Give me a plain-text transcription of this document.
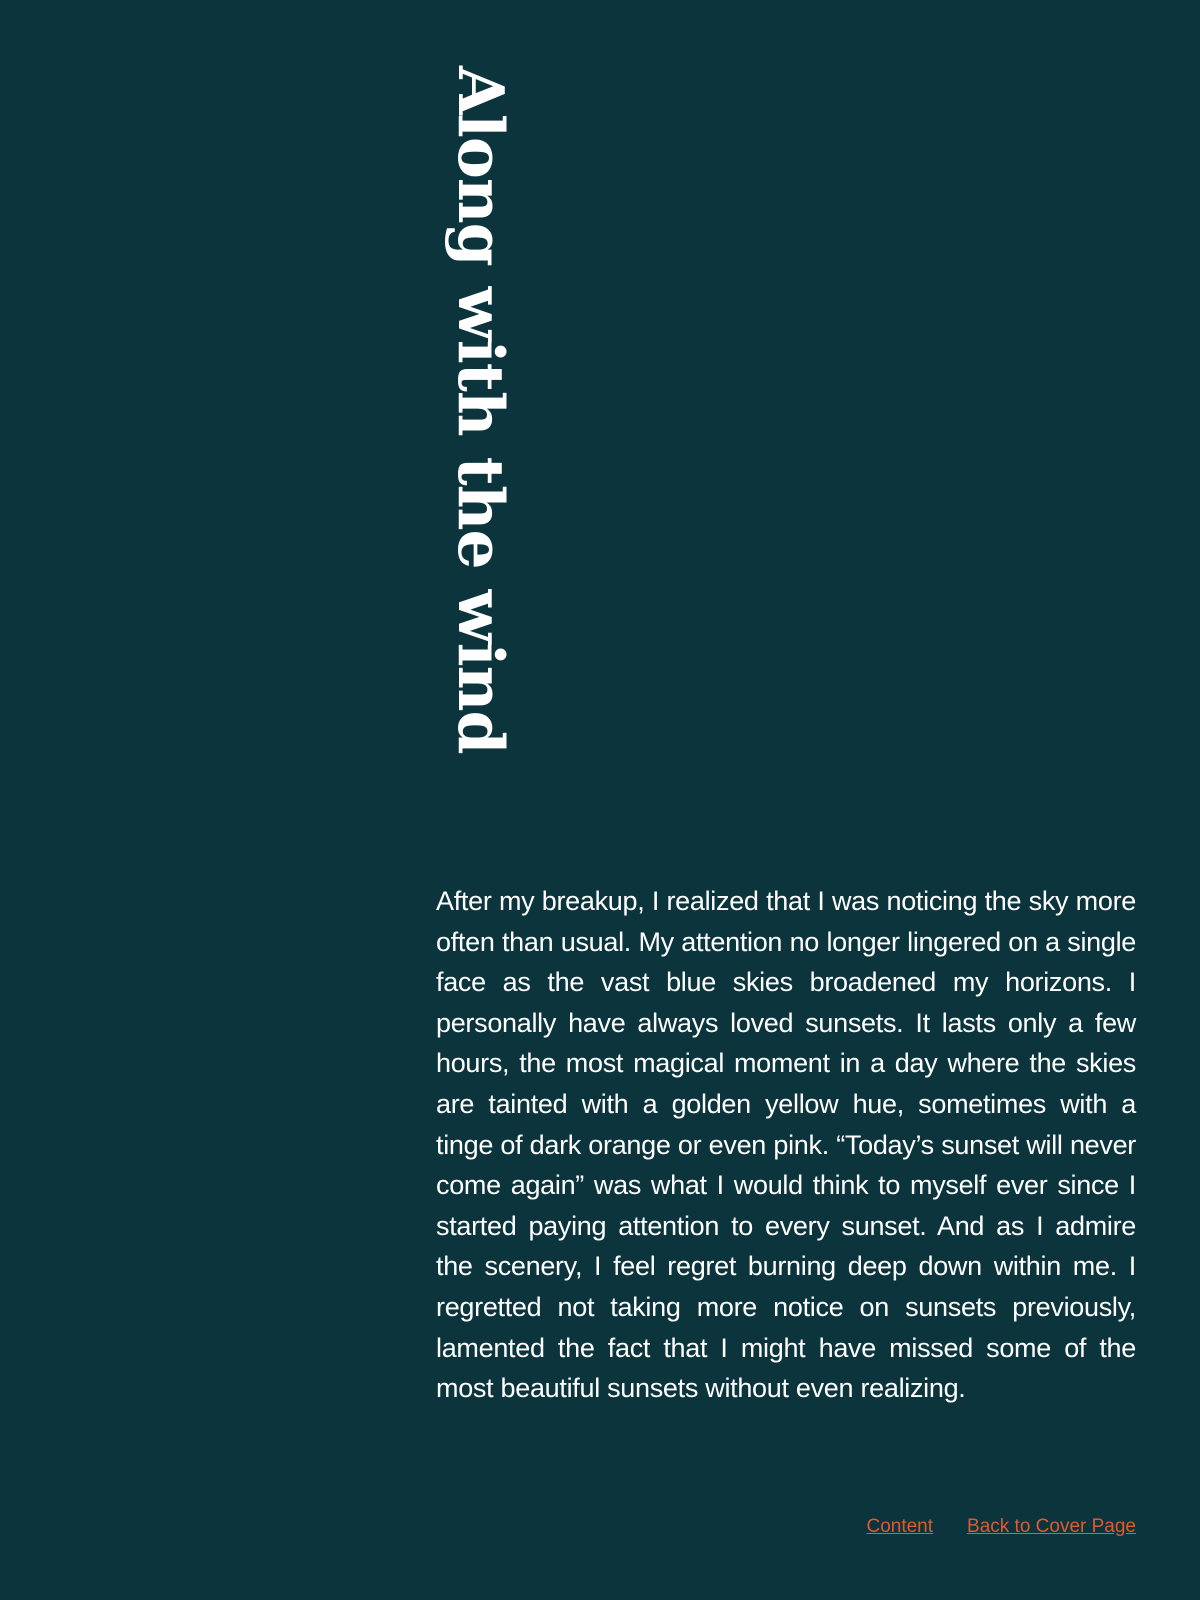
Along with the wind

After my breakup, I realized that I was noticing the sky more often than usual. My attention no longer lingered on a single face as the vast blue skies broadened my horizons. I personally have always loved sunsets. It lasts only a few hours, the most magical moment in a day where the skies are tainted with a golden yellow hue, sometimes with a tinge of dark orange or even pink. “Today’s sunset will never come again” was what I would think to myself ever since I started paying attention to every sunset. And as I admire the scenery, I feel regret burning deep down within me. I regretted not taking more notice on sunsets previously, lamented the fact that I might have missed some of the most beautiful sunsets without even realizing.

Content Back to Cover Page
